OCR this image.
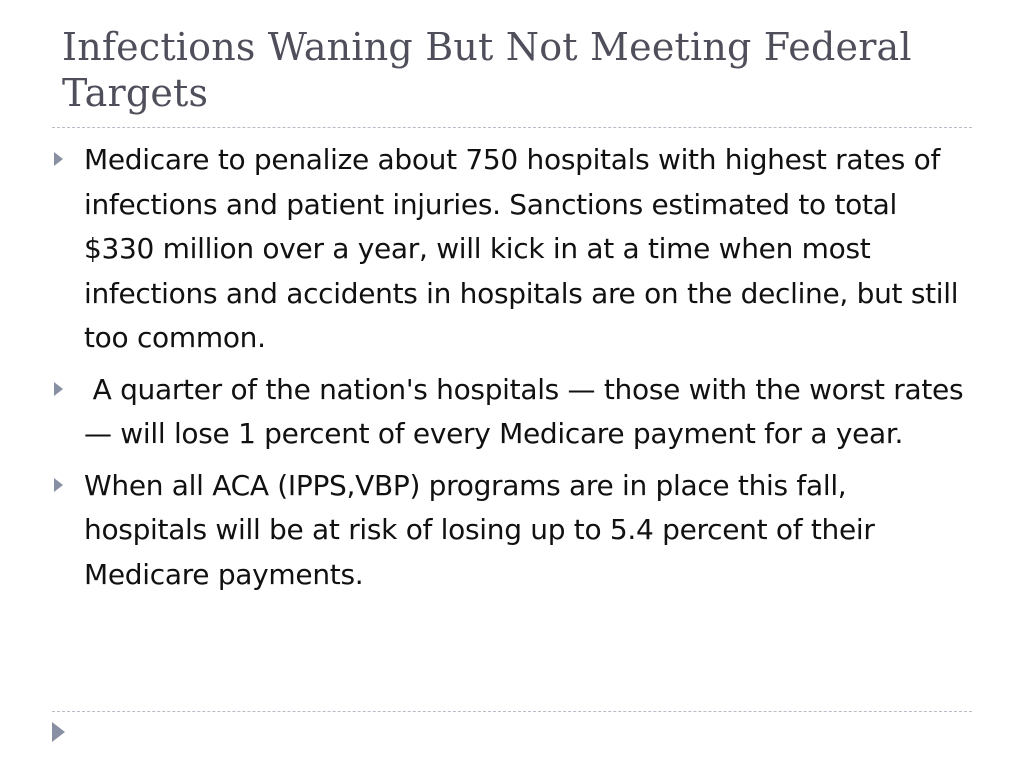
Infections Waning But Not Meeting Federal Targets
Medicare to penalize about 750 hospitals with highest rates of infections and patient injuries. Sanctions estimated to total $330 million over a year, will kick in at a time when most infections and accidents in hospitals are on the decline, but still too common.
A quarter of the nation's hospitals — those with the worst rates — will lose 1 percent of every Medicare payment for a year.
When all ACA (IPPS,VBP) programs are in place this fall, hospitals will be at risk of losing up to 5.4 percent of their Medicare payments.
